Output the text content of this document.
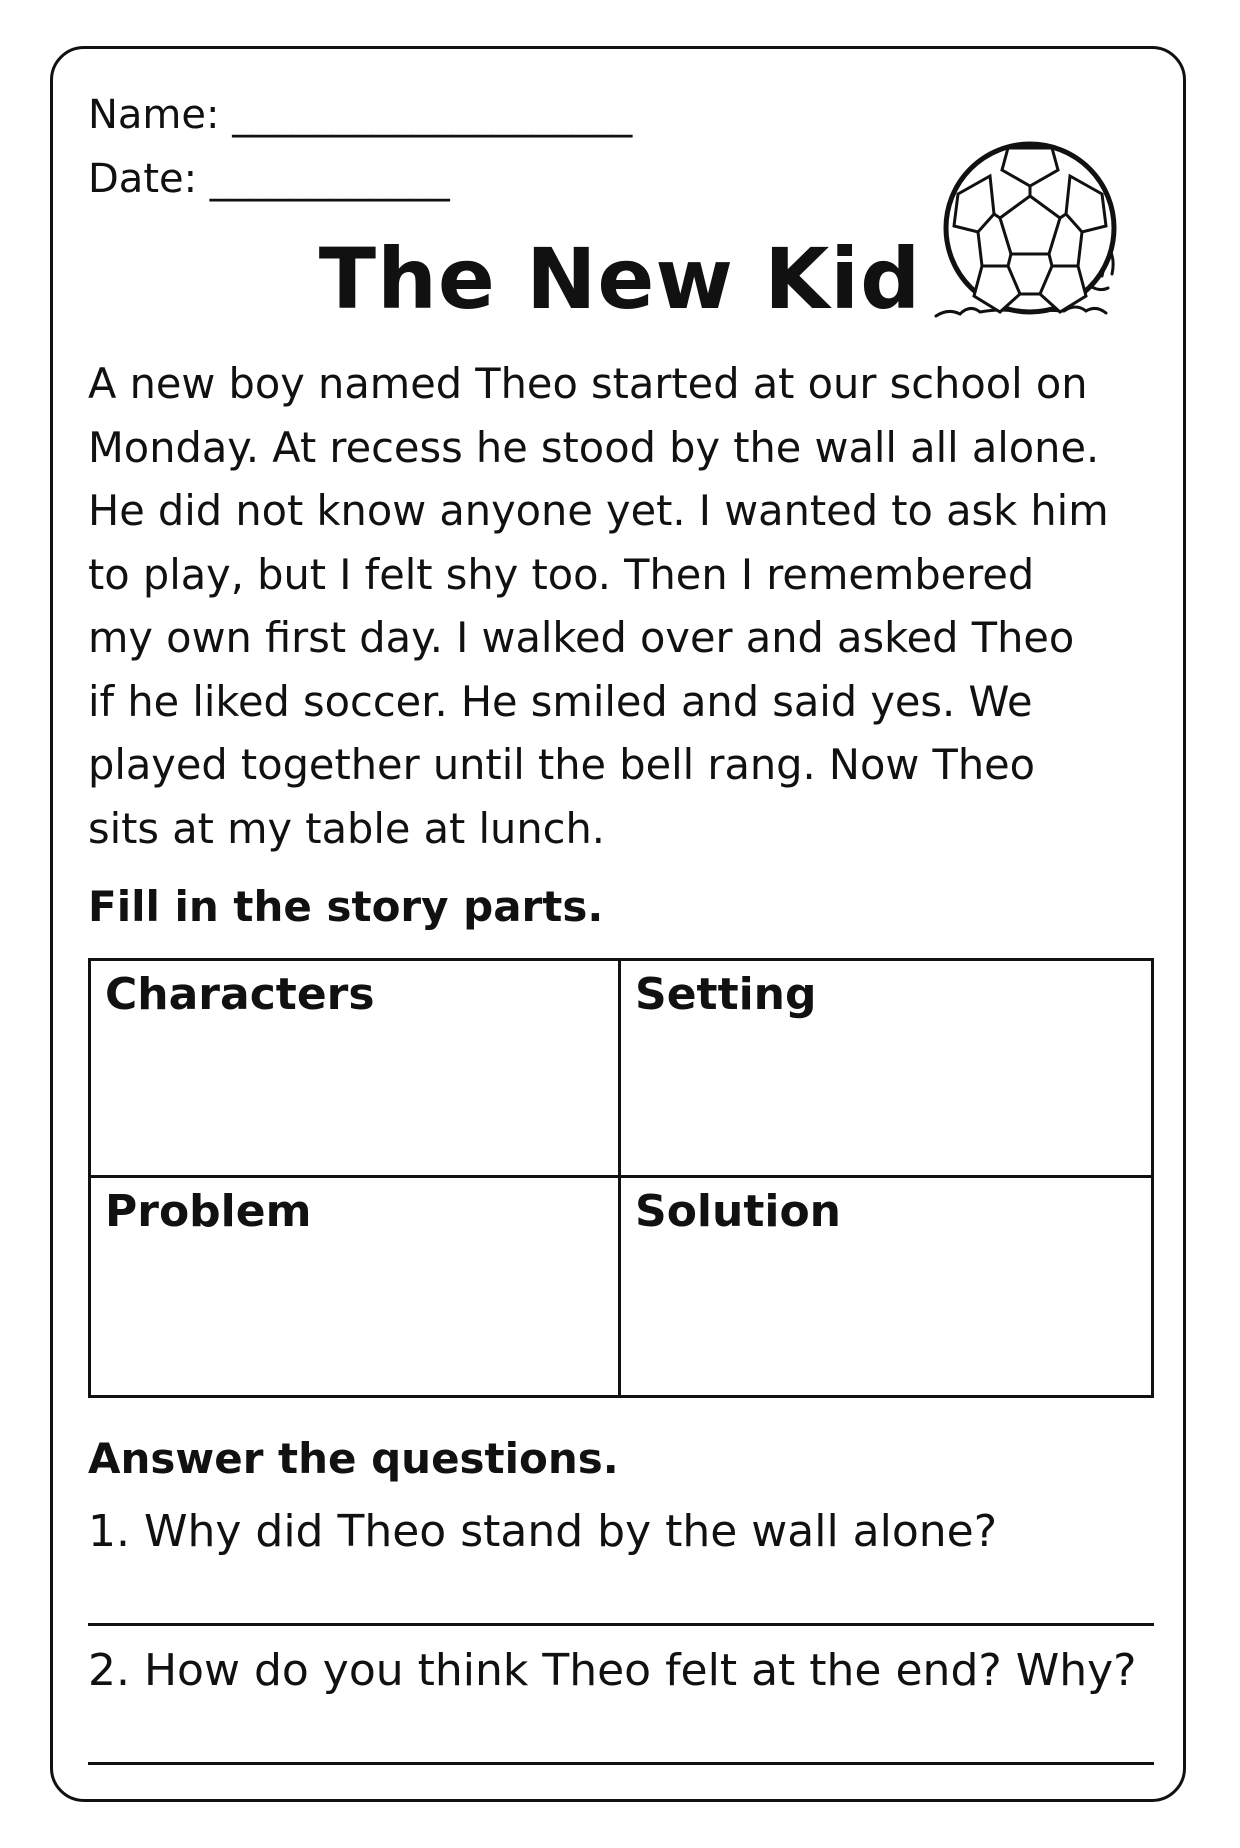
Name: ____________________
Date: ____________
The New Kid
A new boy named Theo started at our school on
Monday. At recess he stood by the wall all alone.
He did not know anyone yet. I wanted to ask him
to play, but I felt shy too. Then I remembered
my own first day. I walked over and asked Theo
if he liked soccer. He smiled and said yes. We
played together until the bell rang. Now Theo
sits at my table at lunch.
Fill in the story parts.
Characters	Setting
Problem	Solution
Answer the questions.

1. Why did Theo stand by the wall alone?

2. How do you think Theo felt at the end? Why?
